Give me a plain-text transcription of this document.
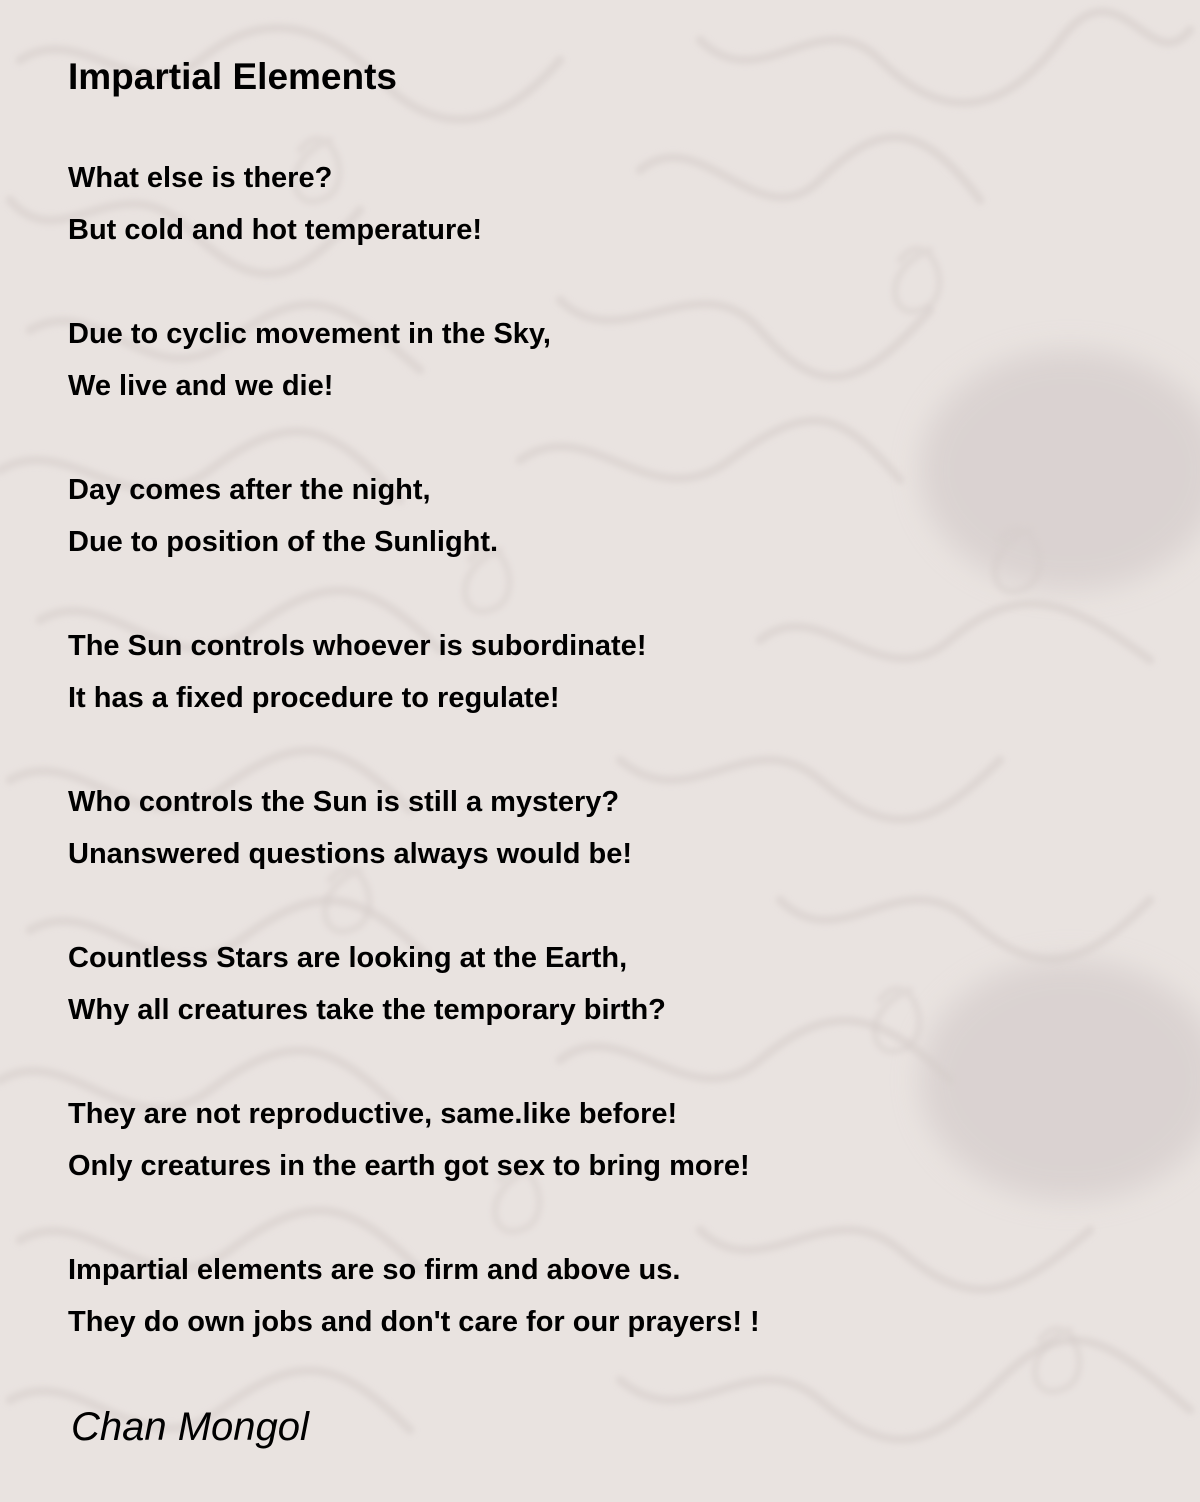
Impartial Elements
What else is there?
But cold and hot temperature!
Due to cyclic movement in the Sky,
We live and we die!
Day comes after the night,
Due to position of the Sunlight.
The Sun controls whoever is subordinate!
It has a fixed procedure to regulate!
Who controls the Sun is still a mystery?
Unanswered questions always would be!
Countless Stars are looking at the Earth,
Why all creatures take the temporary birth?
They are not reproductive, same.like before!
Only creatures in the earth got sex to bring more!
Impartial elements are so firm and above us.
They do own jobs and don't care for our prayers! !

Chan Mongol
